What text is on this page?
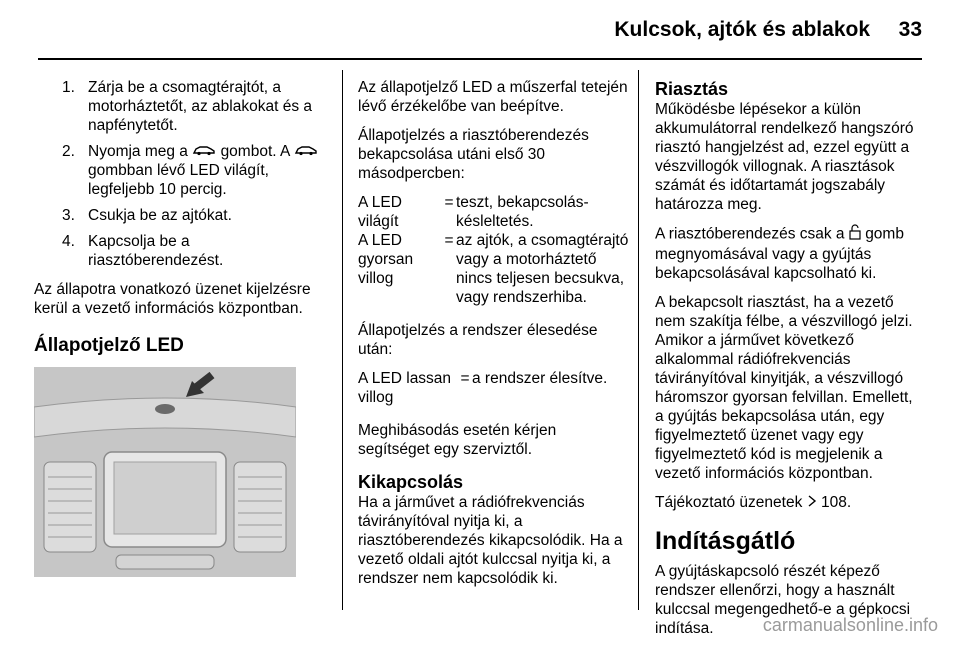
Kulcsok, ajtók és ablakok 33
1. Zárja be a csomagtérajtót, a motorháztetőt, az ablakokat és a napfénytetőt.
2. Nyomja meg a gombot. A  gombban lévő LED világít, legfeljebb 10 percig.
3. Csukja be az ajtókat.
4. Kapcsolja be a riasztóberendezést.

Az állapotra vonatkozó üzenet kijelzésre kerül a vezető információs központban.

Állapotjelző LED

Az állapotjelző LED a műszerfal tetején lévő érzékelőbe van beépítve.

Állapotjelzés a riasztóberendezés bekapcsolása utáni első 30 másodpercben:

A LED világít	=	teszt, bekapcsolás-késleltetés.
A LED gyorsan villog	=	az ajtók, a csomagtérajtó vagy a motorháztető nincs teljesen becsukva, vagy rendszerhiba.

Állapotjelzés a rendszer élesedése után:

A LED lassan villog	=	a rendszer élesítve.

Meghibásodás esetén kérjen segítséget egy szerviztől.

Kikapcsolás

Ha a járművet a rádiófrekvenciás távirányítóval nyitja ki, a riasztóberendezés kikapcsolódik. Ha a vezető oldali ajtót kulccsal nyitja ki, a rendszer nem kapcsolódik ki.

Riasztás

Működésbe lépésekor a külön akkumulátorral rendelkező hangszóró riasztó hangjelzést ad, ezzel együtt a vészvillogók villognak. A riasztások számát és időtartamát jogszabály határozza meg.

A riasztóberendezés csak a gomb megnyomásával vagy a gyújtás bekapcsolásával kapcsolható ki.

A bekapcsolt riasztást, ha a vezető nem szakítja félbe, a vészvillogó jelzi. Amikor a járművet következő alkalommal rádiófrekvenciás távirányítóval kinyitják, a vészvillogó háromszor gyorsan felvillan. Emellett, a gyújtás bekapcsolása után, egy figyelmeztető üzenet vagy egy figyelmeztető kód is megjelenik a vezető információs központban.

Tájékoztató üzenetek 108.

Indításgátló

A gyújtáskapcsoló részét képező rendszer ellenőrzi, hogy a használt kulccsal megengedhető-e a gépkocsi indítása.	carmanualsonline.info
